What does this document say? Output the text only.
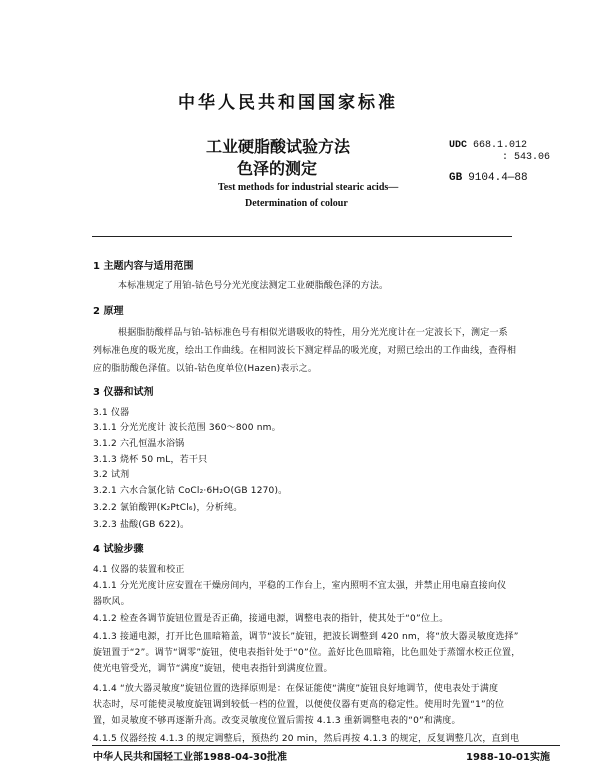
中华人民共和国国家标准
工业硬脂酸试验方法
色泽的测定
UDC 668.1.012
: 543.06
GB 9104.4—88
Test methods for industrial stearic acids—
Determination of colour
1 主题内容与适用范围
本标准规定了用铂-钴色号分光光度法测定工业硬脂酸色泽的方法。
2 原理
根据脂肪酸样品与铂-钴标准色号有相似光谱吸收的特性，用分光光度计在一定波长下，测定一系
列标准色度的吸光度，绘出工作曲线。在相同波长下测定样品的吸光度，对照已绘出的工作曲线，查得相
应的脂肪酸色泽值。以铂-钴色度单位(Hazen)表示之。
3 仪器和试剂
3.1 仪器
3.1.1 分光光度计 波长范围 360～800 nm。
3.1.2 六孔恒温水浴锅
3.1.3 烧杯 50 mL，若干只
3.2 试剂
3.2.1 六水合氯化钴 CoCl₂·6H₂O(GB 1270)。
3.2.2 氯铂酸钾(K₂PtCl₆)，分析纯。
3.2.3 盐酸(GB 622)。
4 试验步骤
4.1 仪器的装置和校正
4.1.1 分光光度计应安置在干燥房间内，平稳的工作台上，室内照明不宜太强，并禁止用电扇直接向仪
器吹风。
4.1.2 检查各调节旋钮位置是否正确，接通电源，调整电表的指针，使其处于“0”位上。
4.1.3 接通电源，打开比色皿暗箱盖，调节“波长”旋钮，把波长调整到 420 nm，将“放大器灵敏度选择”
旋钮置于“2”。调节“调零”旋钮，使电表指针处于“0”位。盖好比色皿暗箱，比色皿处于蒸馏水校正位置，
使光电管受光，调节“满度”旋钮，使电表指针到满度位置。
4.1.4 “放大器灵敏度”旋钮位置的选择原则是：在保证能使“满度”旋钮良好地调节，使电表处于满度
状态时，尽可能使灵敏度旋钮调到较低一档的位置，以便使仪器有更高的稳定性。使用时先置“1”的位
置，如灵敏度不够再逐渐升高。改变灵敏度位置后需按 4.1.3 重新调整电表的“0”和满度。
4.1.5 仪器经按 4.1.3 的规定调整后，预热约 20 min，然后再按 4.1.3 的规定，反复调整几次，直到电
中华人民共和国轻工业部1988-04-30批准	1988-10-01实施
